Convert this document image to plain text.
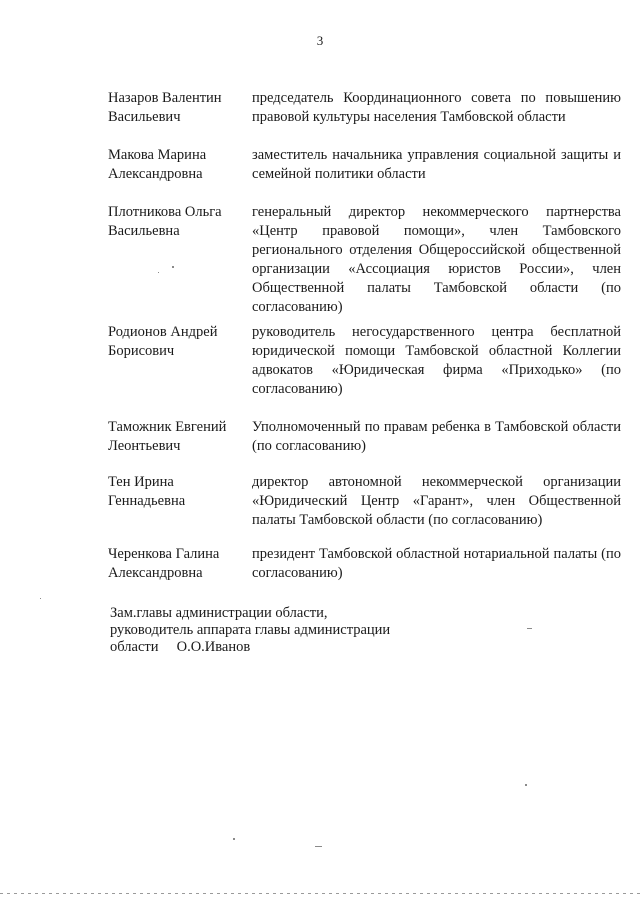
3
Назаров Валентин Васильевич
председатель Координационного совета по повышению правовой культуры населения Тамбовской области
Макова Марина Александровна
заместитель начальника управления социальной защиты и семейной политики области
Плотникова Ольга Васильевна
генеральный директор некоммерческого партнерства «Центр правовой помощи», член Тамбовского регионального отделения Общероссийской общественной организации «Ассоциация юристов России», член Общественной палаты Тамбовской области (по согласованию)
Родионов Андрей Борисович
руководитель негосударственного центра бесплатной юридической помощи Тамбовской областной Коллегии адвокатов «Юридическая фирма «Приходько» (по согласованию)
Таможник Евгений Леонтьевич
Уполномоченный по правам ребенка в Тамбовской области (по согласованию)
Тен Ирина Геннадьевна
директор автономной некоммерческой организации «Юридический Центр «Гарант», член Общественной палаты Тамбовской области (по согласованию)
Черенкова Галина Александровна
президент Тамбовской областной нотариальной палаты (по согласованию)
Зам.главы администрации области,
руководитель аппарата главы администрации
области     О.О.Иванов
